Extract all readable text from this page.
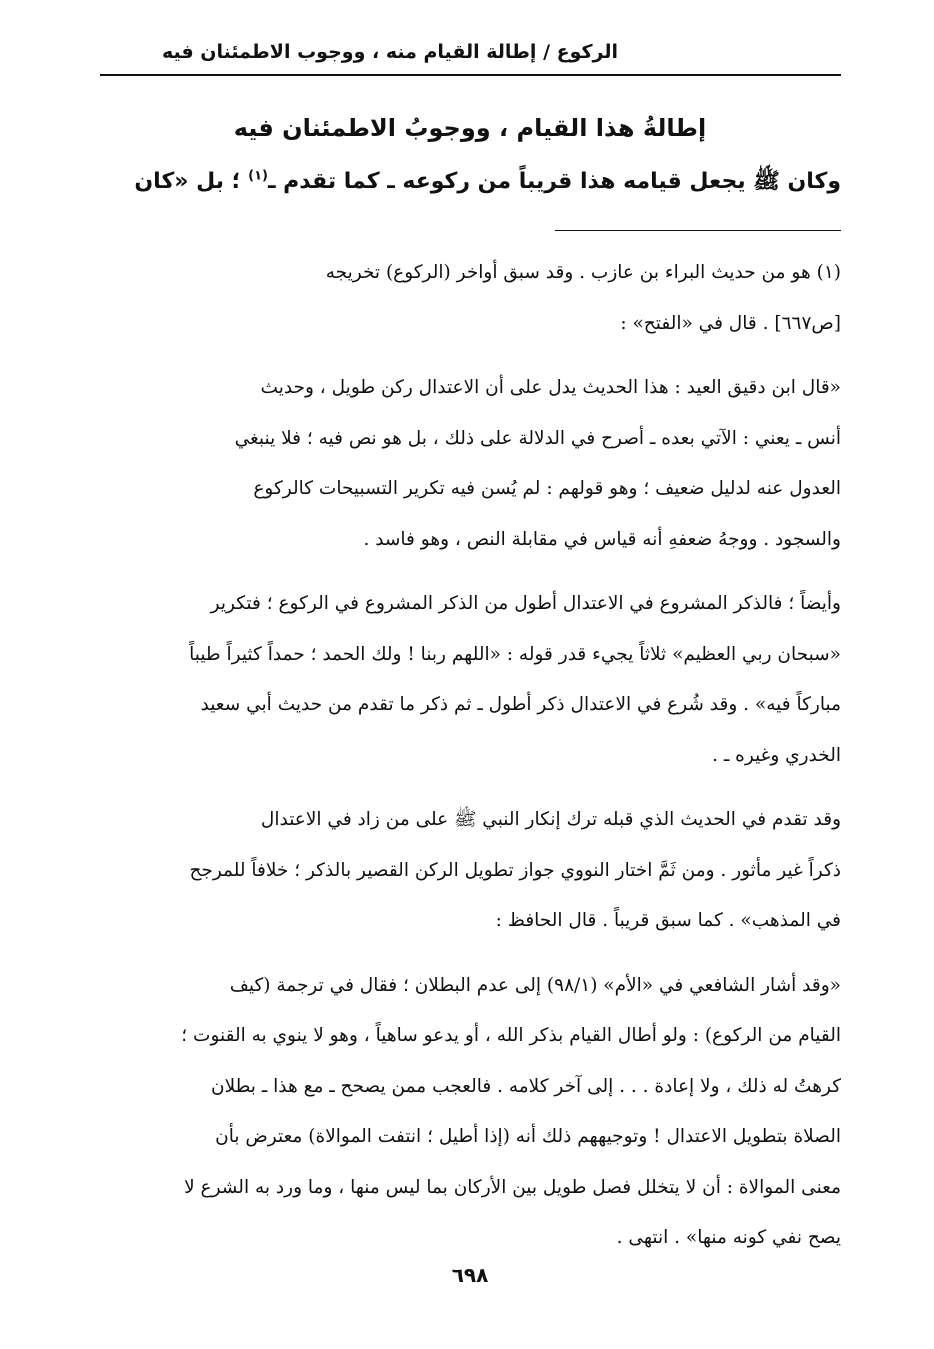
الركوع / إطالة القيام منه ، ووجوب الاطمئنان فيه
إطالةُ هذا القيام ، ووجوبُ الاطمئنان فيه
وكان ﷺ يجعل قيامه هذا قريباً من ركوعه ـ كما تقدم ـ$^{(١)}$ ؛ بل «كان
(١) هو من حديث البراء بن عازب . وقد سبق أواخر (الركوع) تخريجه
[ص٦٦٧] . قال في «الفتح» :
«قال ابن دقيق العيد : هذا الحديث يدل على أن الاعتدال ركن طويل ، وحديث
أنس ـ يعني : الآتي بعده ـ أصرح في الدلالة على ذلك ، بل هو نص فيه ؛ فلا ينبغي
العدول عنه لدليل ضعيف ؛ وهو قولهم : لم يُسن فيه تكرير التسبيحات كالركوع
والسجود . ووجهُ ضعفهِ أنه قياس في مقابلة النص ، وهو فاسد .
وأيضاً ؛ فالذكر المشروع في الاعتدال أطول من الذكر المشروع في الركوع ؛ فتكرير
«سبحان ربي العظيم» ثلاثاً يجيء قدر قوله : «اللهم ربنا ! ولك الحمد ؛ حمداً كثيراً طيباً
مباركاً فيه» . وقد شُرع في الاعتدال ذكر أطول ـ ثم ذكر ما تقدم من حديث أبي سعيد
الخدري وغيره ـ .
وقد تقدم في الحديث الذي قبله ترك إنكار النبي ﷺ على من زاد في الاعتدال
ذكراً غير مأثور . ومن ثَمَّ اختار النووي جواز تطويل الركن القصير بالذكر ؛ خلافاً للمرجح
في المذهب» . كما سبق قريباً . قال الحافظ :
«وقد أشار الشافعي في «الأم» (٩٨/١) إلى عدم البطلان ؛ فقال في ترجمة (كيف
القيام من الركوع) : ولو أطال القيام بذكر الله ، أو يدعو ساهياً ، وهو لا ينوي به القنوت ؛
كرهتُ له ذلك ، ولا إعادة . . . إلى آخر كلامه . فالعجب ممن يصحح ـ مع هذا ـ بطلان
الصلاة بتطويل الاعتدال ! وتوجيههم ذلك أنه (إذا أطيل ؛ انتفت الموالاة) معترض بأن
معنى الموالاة : أن لا يتخلل فصل طويل بين الأركان بما ليس منها ، وما ورد به الشرع لا
يصح نفي كونه منها» . انتهى .
٦٩٨
